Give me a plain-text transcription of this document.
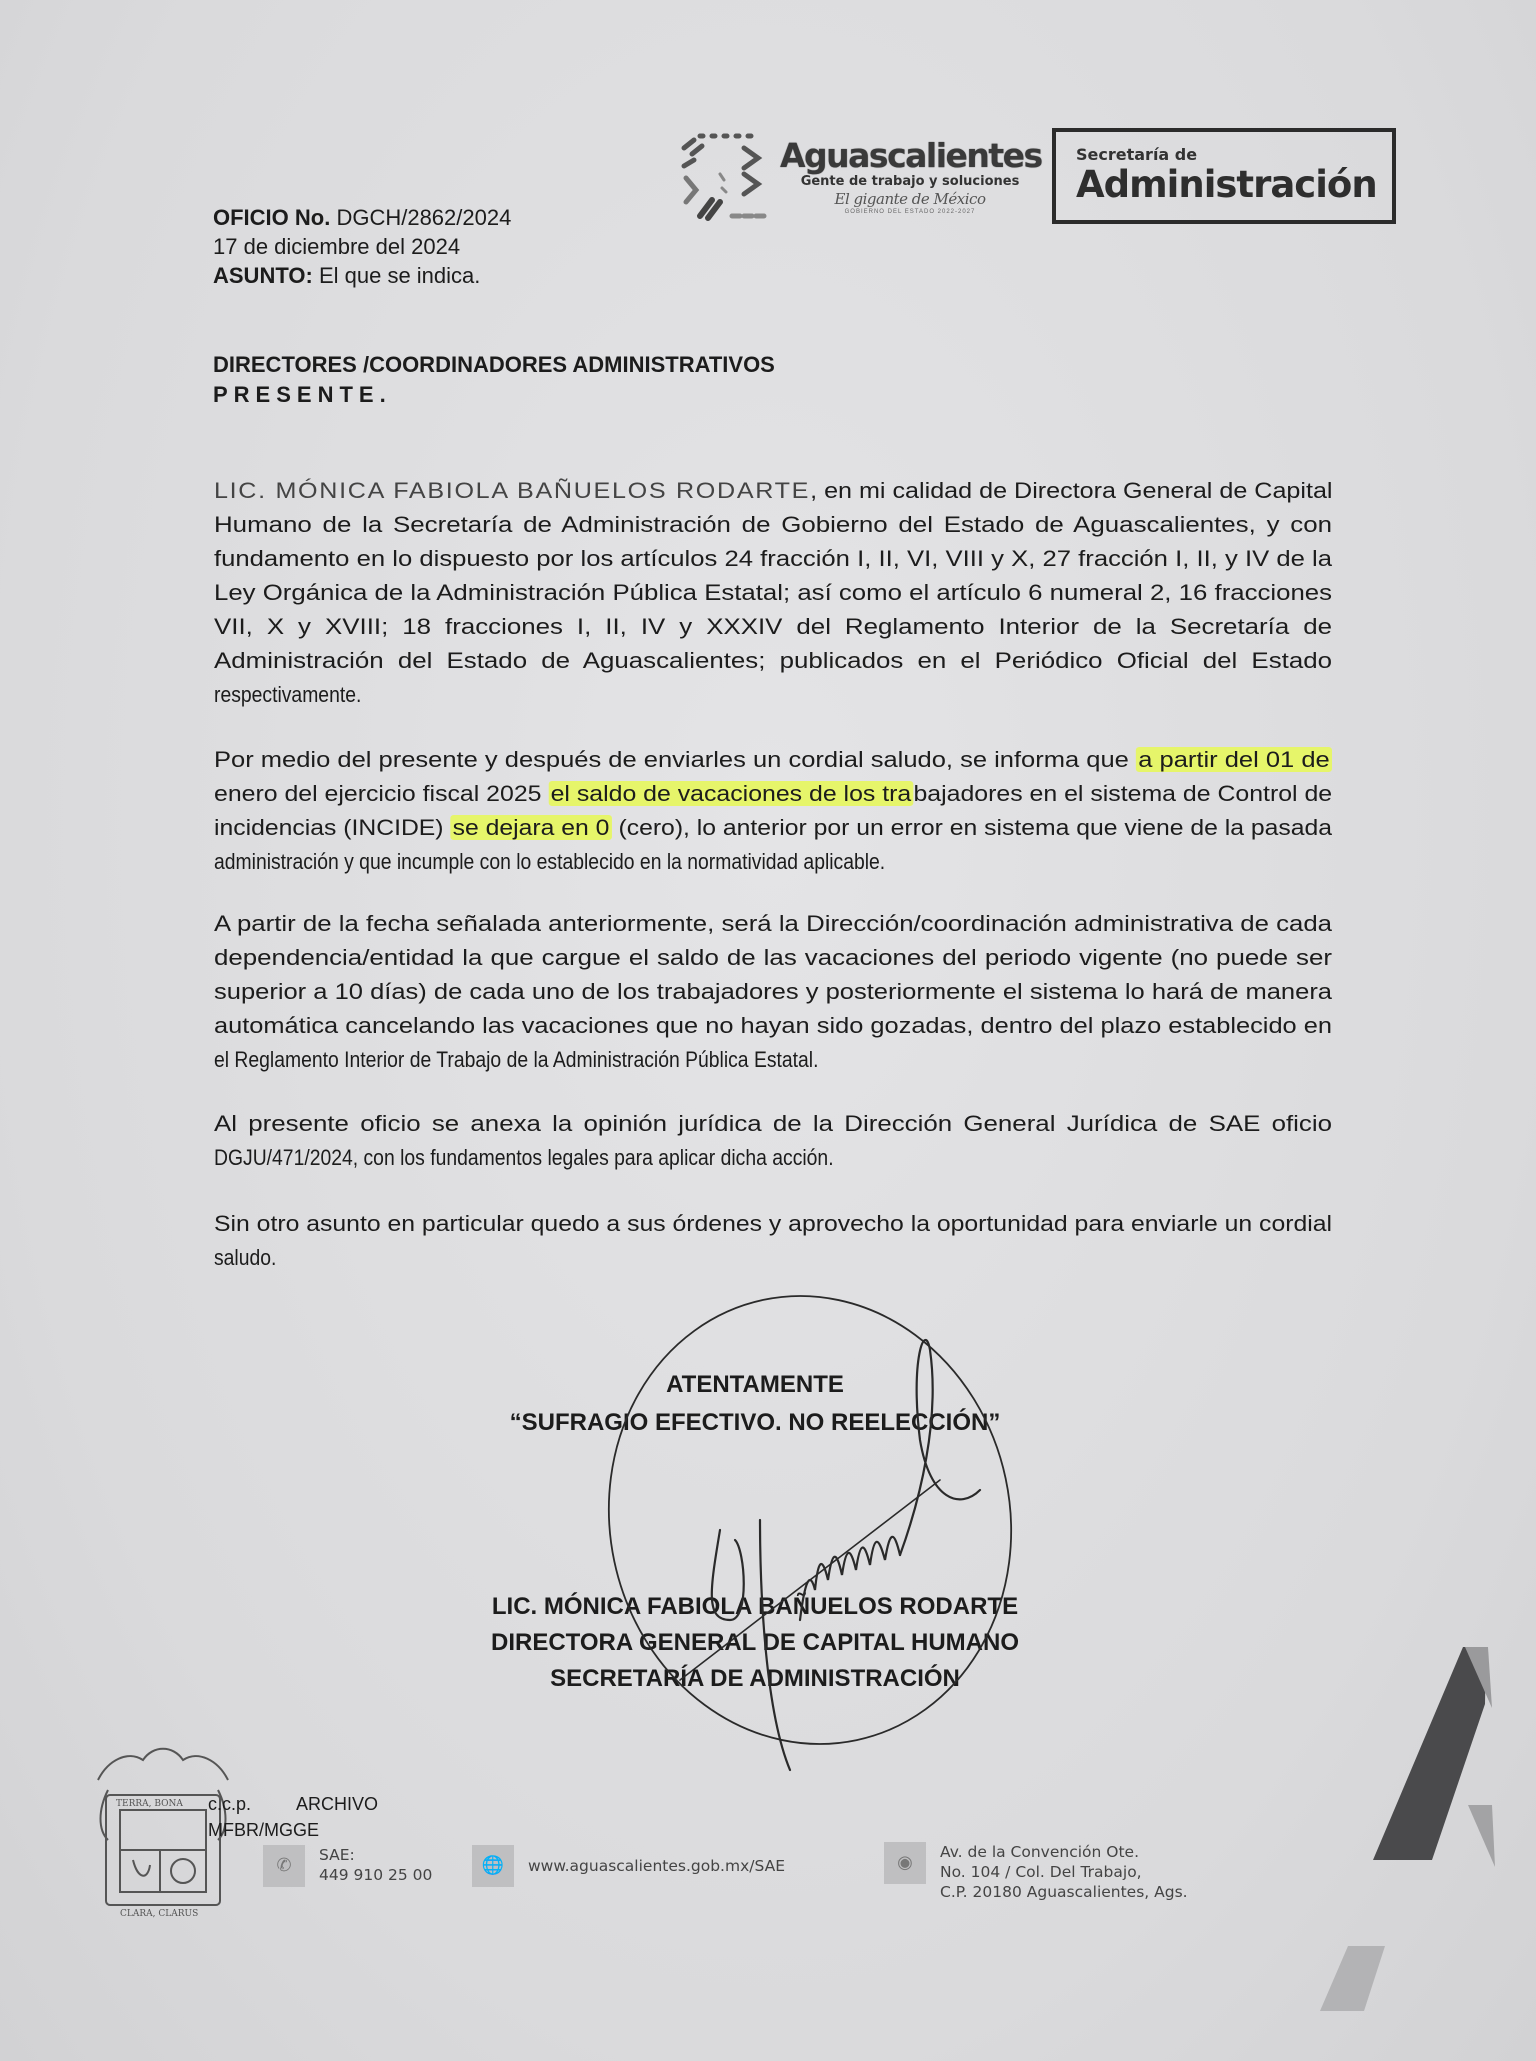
Aguascalientes
Gente de trabajo y soluciones
El gigante de México
GOBIERNO DEL ESTADO 2022-2027
Secretaría de
Administración
OFICIO No. DGCH/2862/2024
17 de diciembre del 2024
ASUNTO: El que se indica.
DIRECTORES /COORDINADORES ADMINISTRATIVOS
PRESENTE.
LIC. MÓNICA FABIOLA BAÑUELOS RODARTE, en mi calidad de Directora General de Capital
Humano de la Secretaría de Administración de Gobierno del Estado de Aguascalientes, y con
fundamento en lo dispuesto por los artículos 24 fracción I, II, VI, VIII y X, 27 fracción I, II, y IV de la
Ley Orgánica de la Administración Pública Estatal; así como el artículo 6 numeral 2, 16 fracciones
VII, X y XVIII; 18 fracciones I, II, IV y XXXIV del Reglamento Interior de la Secretaría de
Administración del Estado de Aguascalientes; publicados en el Periódico Oficial del Estado
respectivamente.
Por medio del presente y después de enviarles un cordial saludo, se informa que a partir del 01 de
enero del ejercicio fiscal 2025 el saldo de vacaciones de los trabajadores en el sistema de Control de
incidencias (INCIDE) se dejara en 0 (cero), lo anterior por un error en sistema que viene de la pasada
administración y que incumple con lo establecido en la normatividad aplicable.
A partir de la fecha señalada anteriormente, será la Dirección/coordinación administrativa de cada
dependencia/entidad la que cargue el saldo de las vacaciones del periodo vigente (no puede ser
superior a 10 días) de cada uno de los trabajadores y posteriormente el sistema lo hará de manera
automática cancelando las vacaciones que no hayan sido gozadas, dentro del plazo establecido en
el Reglamento Interior de Trabajo de la Administración Pública Estatal.
Al presente oficio se anexa la opinión jurídica de la Dirección General Jurídica de SAE oficio
DGJU/471/2024, con los fundamentos legales para aplicar dicha acción.
Sin otro asunto en particular quedo a sus órdenes y aprovecho la oportunidad para enviarle un cordial
saludo.
ATENTAMENTE
“SUFRAGIO EFECTIVO. NO REELECCIÓN”
LIC. MÓNICA FABIOLA BAÑUELOS RODARTE
DIRECTORA GENERAL DE CAPITAL HUMANO
SECRETARÍA DE ADMINISTRACIÓN
TERRA, BONA
CLARA, CLARUS
c.c.p. ARCHIVO
MFBR/MGGE
✆	SAE:
449 910 25 00	🌐	www.aguascalientes.gob.mx/SAE	◉	Av. de la Convención Ote.
No. 104 / Col. Del Trabajo,
C.P. 20180 Aguascalientes, Ags.
